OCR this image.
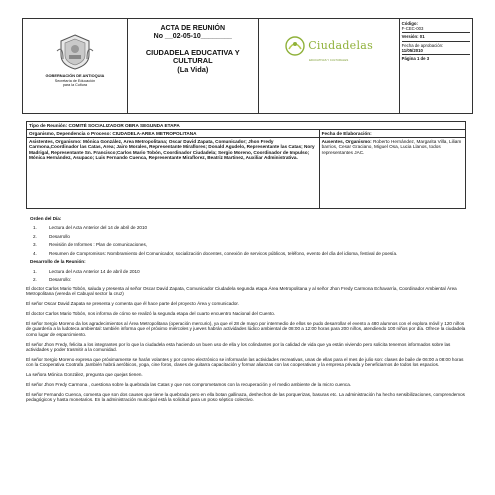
GOBERNACIÓN DE ANTIOQUIA
Secretaría de Educación
para la Cultura

ACTA DE REUNIÓN
No __02-05-10________
CIUDADELA EDUCATIVA Y CULTURAL
(La Vida)

Ciudadelas
EDUCATIVAS Y CULTURALES

Código:
F-CEC-003
Versión: 01
Fecha de aprobación:
11/05/2010
Página 1 de 3
Tipo de Reunión: COMITÉ SOCIALIZADOR OBRA SEGUNDA ETAPA	
Organismo, Dependencia o Proceso: CIUDADELA-AREA METROPOLITANA	Fecha de Elaboración:
Asistentes, Organismo: Mónica González, Area Metropolitana; Oscar David Zapata, Comunicador; Jhon Fredy Carmona,Coordinador las Catas, Area; Jairo Morales, Representante Miraflores; Donald Agudelo, Representante las Catas; Nory Madrigal, Representante Sn. Francisco;Carlos Mario Tobón, Coordinador Ciudadela; Sergio Moreno, Coordinador de Impulso; Mónica Hernández, Asupaco; Luis Fernando Cuenca, Representante Miraflorez, Beatriz Martinez, Auxiliar Administrativa.	Ausentes, Organismo: Roberto Hernández, Margarita Villa, Liliam barrios, Cesar Graciano, Miguel Osa, Lucia Llanos, todos representantes JAC.

Orden del Día:

1.	Lectura del Acta Anterior del 14 de abril de 2010

2.	Desarrollo

3.	Revisión de Informes : Plan de comunicaciones,

4.	Resumen de Compromisos: Nombramiento del Comunicador, socialización docentes, conexión de servicos públicos, teléfono, evento del día del idioma, festival de poesía.

Desarrollo de la Reunión:

1.	Lectura del Acta Anterior 14 de abril de 2010

2.	Desarrollo:

El doctor Carlos Mario Tobón, saluda y presenta al señor Oscar David Zapata, Comunicador Ciudadela segunda etapa Área Metropolitana y al señor Jhon Fredy Carmona Echavarría, Coordinador Ambiental Área Metropolitana (vereda el Cabuyal sector la cruz)

El señor Oscar David Zapata se presenta y comenta que él hace parte del proyecto Área y comunicador.

El doctor Carlos Mario Tobón, nos informa de cómo se realizó la segunda etapa del cuarto encuentro Nacional del Cuento.

El señor Sergio Moreno da los agradecimientos al Área Metropolitana (operación mercurio), ya que el 28 de mayo por intermedio de ellos se pudo desarrollar el evento a 480 alumnos con el explora móvil y 120 niños de guardería a la ludoteca ambiental: también informa que el próximo miércoles y jueves habrán actividades lúdico ambiental de 08:00 a 12:00 horas para 200 niños, atendiendo 100 niños por día. Ofrece la ciudadela como lugar de esparcimiento.

El señor Jhon Fredy, felicita a los integrantes por lo que la ciudadela esta haciendo un buen uso de ella y los colindantes por la calidad de vida que ya están viviendo pero solicita tenemos informados sobre las actividades y poder trasmitir a la comunidad.

El señor Sergio Moreno expresa que próximamente se harán volantes y por correo electrónico se informarán las actividades recreativas, unas de ellas para el mes de julio son: clases de baile de 06:00 a 08:00 horas con la Cooperativa Cootrafa ,también habrá aeróbicos, yoga, cine foros, clases de guitarra capacitación y formar alianzas con las cooperativas y la empresa privada y beneficiarnos de todos los espacios.

La señora Mónica González, pregunta que quejas tienen.

El señor Jhon Fredy Carmona , cuestiona sobre la quebrada las Catas y que nos comprometamos con la recuperación y el medio ambiente de la micro cuenca.

El señor Fernando Cuenca, comenta que son dos causes que tiene la quebrada pero en ella botan gallinaza, deshechos de las porquerizas, basuras etc. La administración ha hecho sensibilizaciones, comprendemos pedagógicos y hasta monetarios. En la administración municipal está la solicitud para un poso séptico colectivo.
